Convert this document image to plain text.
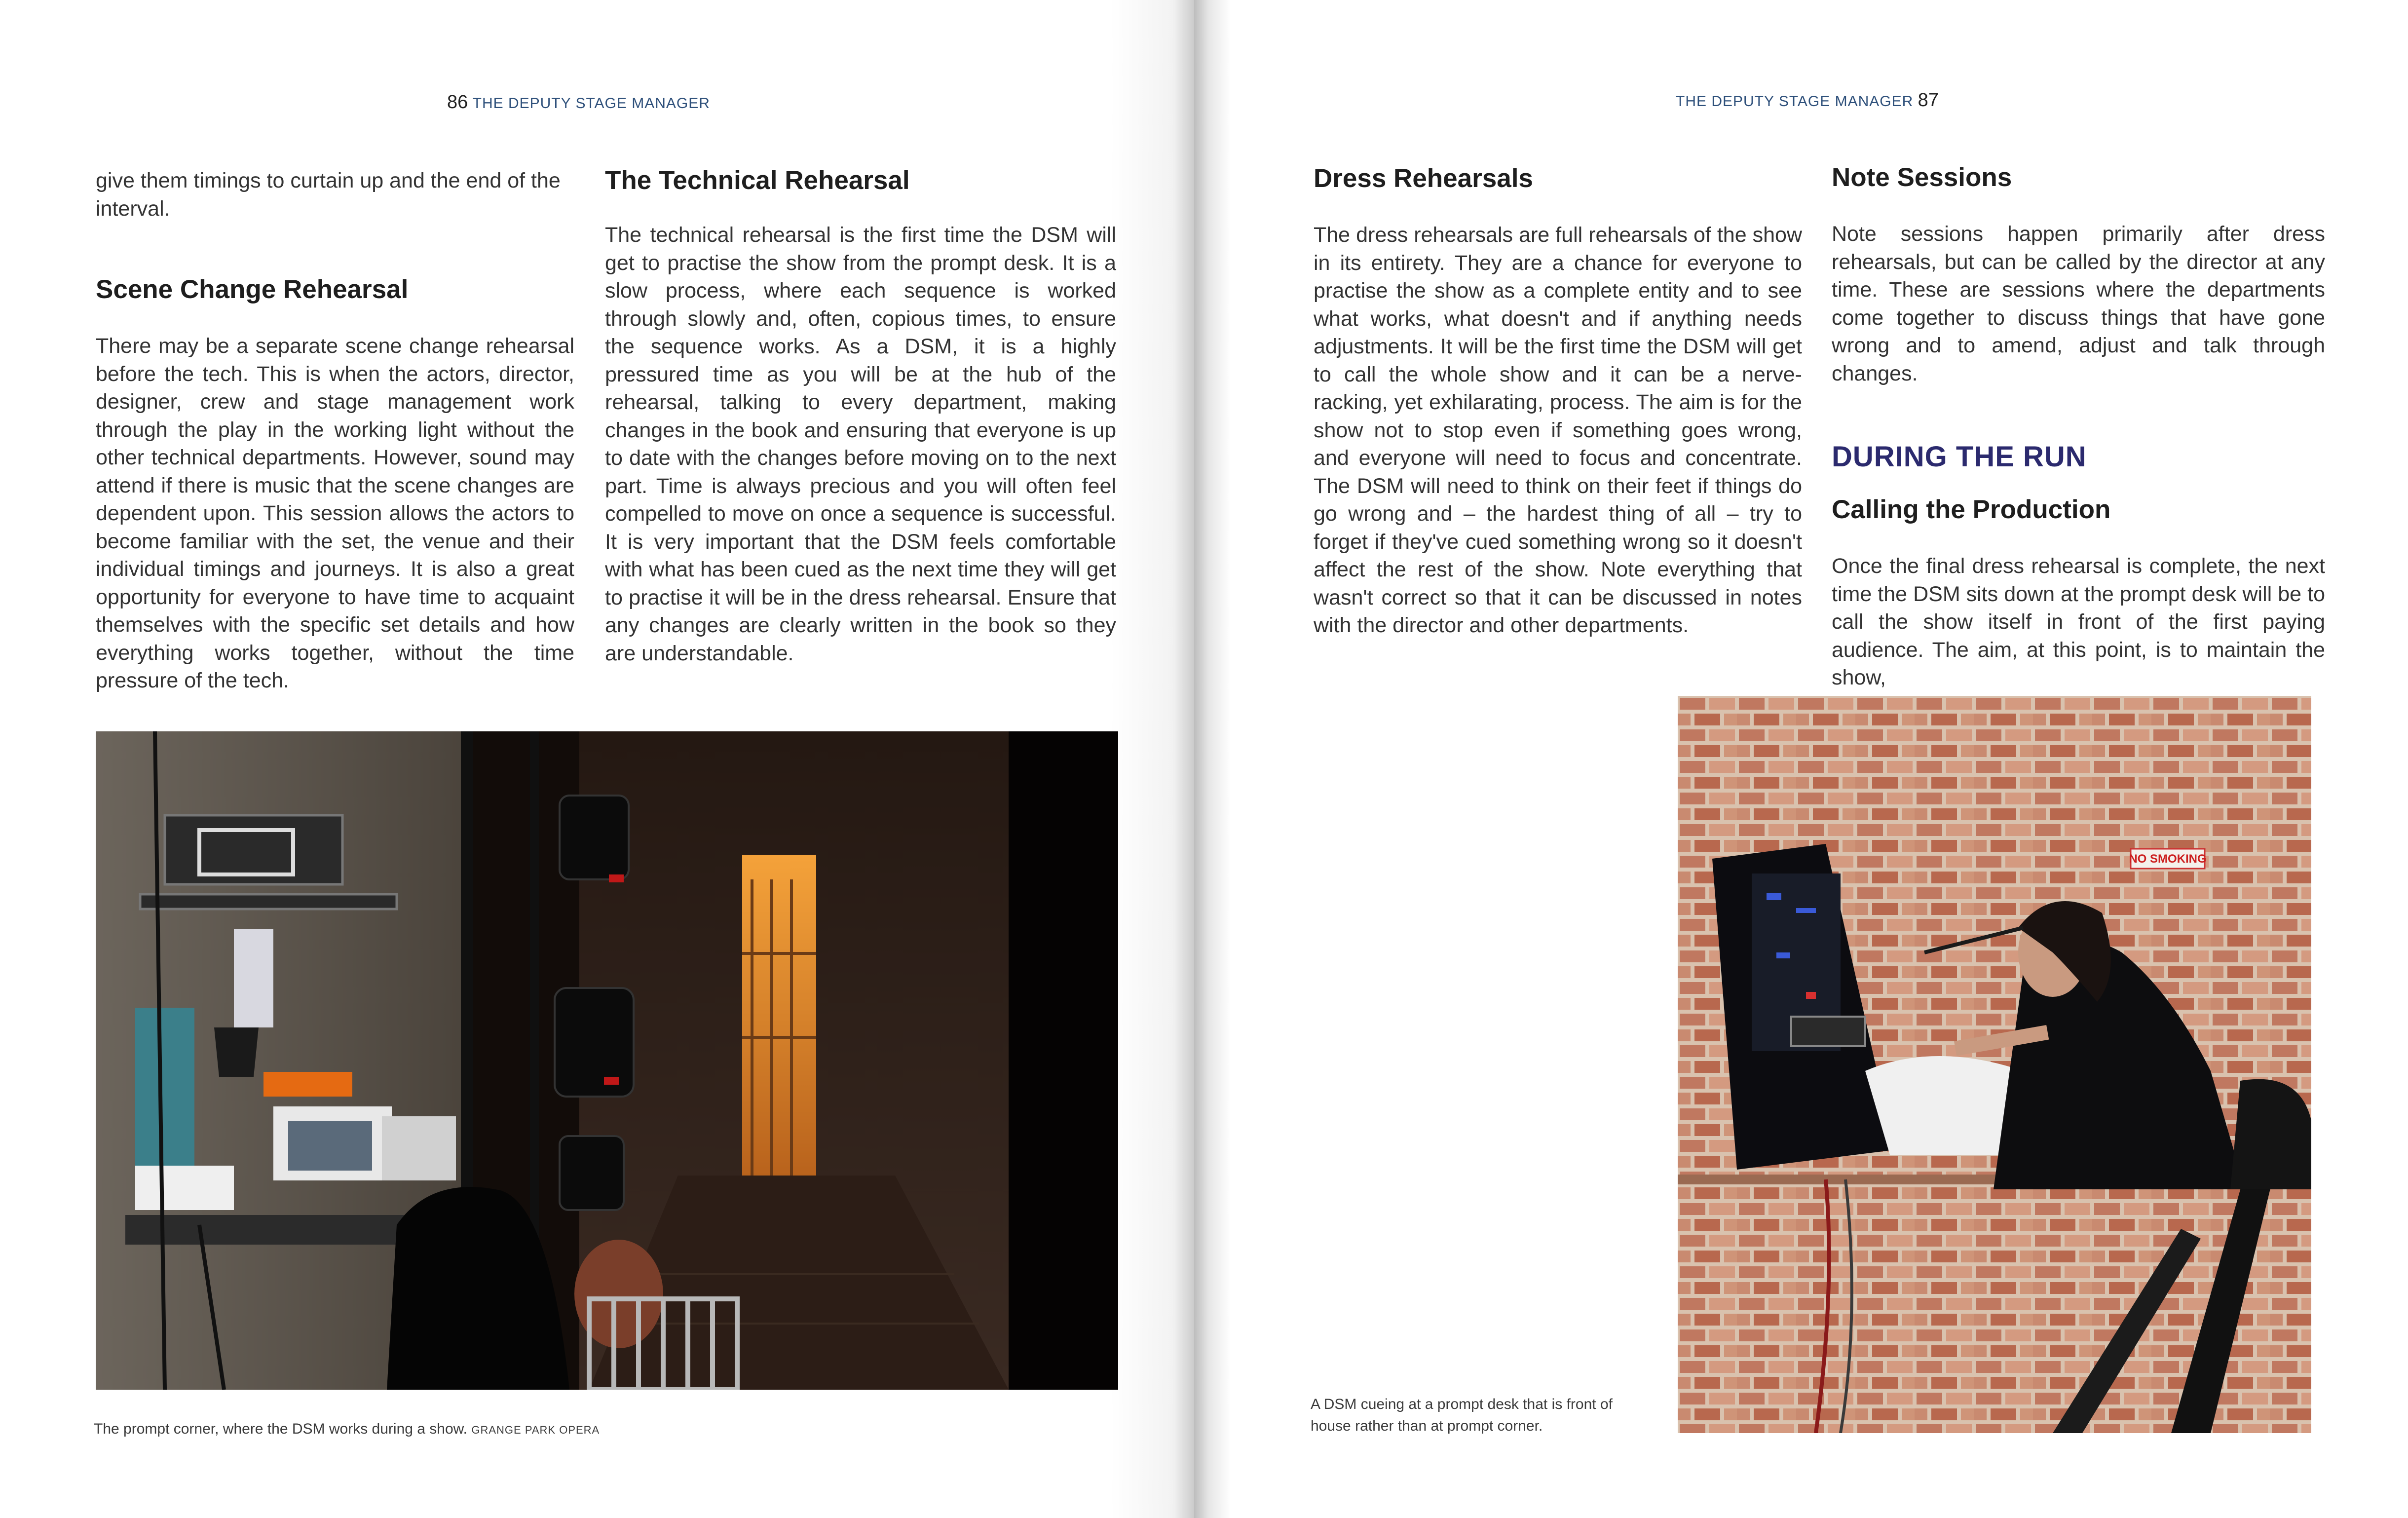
86 THE DEPUTY STAGE MANAGER

give them timings to curtain up and the end of the interval.

Scene Change Rehearsal

There may be a separate scene change rehearsal before the tech. This is when the actors, director, designer, crew and stage management work through the play in the working light without the other technical departments. However, sound may attend if there is music that the scene changes are dependent upon. This session allows the actors to become familiar with the set, the venue and their individual timings and journeys. It is also a great opportunity for everyone to have time to acquaint themselves with the specific set details and how everything works together, without the time pressure of the tech.

The Technical Rehearsal

The technical rehearsal is the first time the DSM will get to practise the show from the prompt desk. It is a slow process, where each sequence is worked through slowly and, often, copious times, to ensure the sequence works. As a DSM, it is a highly pressured time as you will be at the hub of the rehearsal, talking to every department, making changes in the book and ensuring that everyone is up to date with the changes before moving on to the next part. Time is always precious and you will often feel compelled to move on once a sequence is successful. It is very important that the DSM feels comfortable with what has been cued as the next time they will get to practise it will be in the dress rehearsal. Ensure that any changes are clearly written in the book so they are understandable.

The prompt corner, where the DSM works during a show. GRANGE PARK OPERA
THE DEPUTY STAGE MANAGER 87
Dress Rehearsals

The dress rehearsals are full rehearsals of the show in its entirety. They are a chance for everyone to practise the show as a complete entity and to see what works, what doesn't and if anything needs adjustments. It will be the first time the DSM will get to call the whole show and it can be a nerve-racking, yet exhilarating, process. The aim is for the show not to stop even if something goes wrong, and everyone will need to focus and concentrate. The DSM will need to think on their feet if things do go wrong and – the hardest thing of all – try to forget if they've cued something wrong so it doesn't affect the rest of the show. Note everything that wasn't correct so that it can be discussed in notes with the director and other departments.

Note Sessions

Note sessions happen primarily after dress rehearsals, but can be called by the director at any time. These are sessions where the departments come together to discuss things that have gone wrong and to amend, adjust and talk through changes.

DURING THE RUN
Calling the Production

Once the final dress rehearsal is complete, the next time the DSM sits down at the prompt desk will be to call the show itself in front of the first paying audience. The aim, at this point, is to maintain the show,

NO SMOKING
A DSM cueing at a prompt desk that is front of house rather than at prompt corner.
